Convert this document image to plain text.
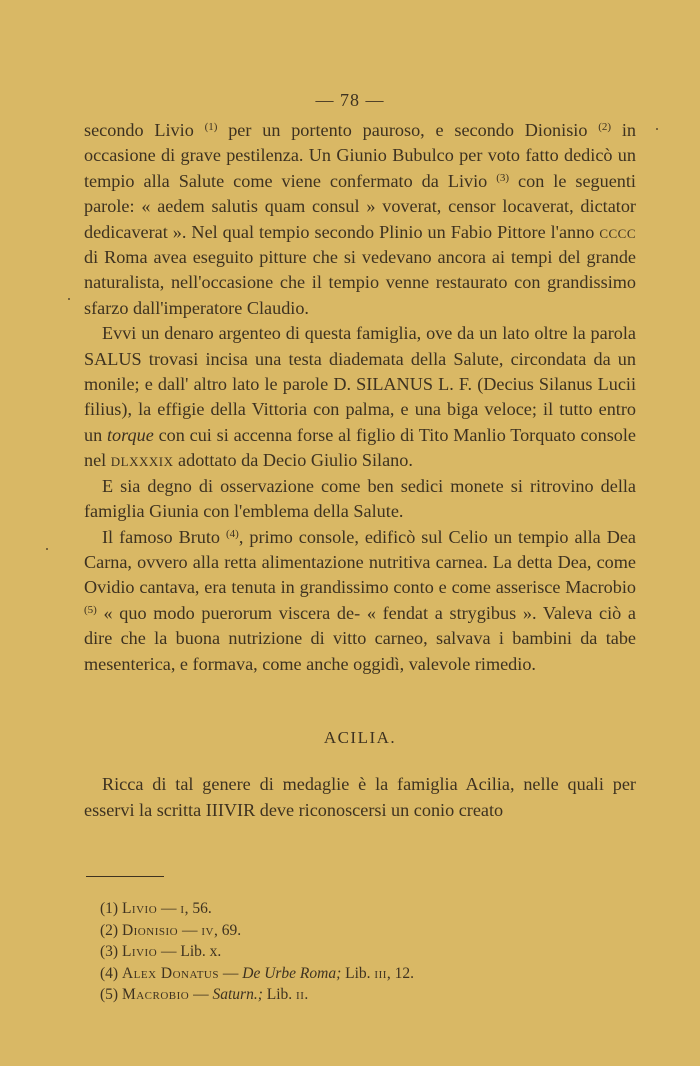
— 78 —

secondo Livio $^{(1)}$ per un portento pauroso, e secondo Dionisio $^{(2)}$ in occasione di grave pestilenza. Un Giunio Bubulco per voto fatto dedicò un tempio alla Salute come viene confermato da Livio $^{(3)}$ con le seguenti parole: « aedem salutis quam consul » voverat, censor locaverat, dictator dedicaverat ». Nel qual tempio secondo Plinio un Fabio Pittore l'anno cccc di Roma avea eseguito pitture che si vedevano ancora ai tempi del grande naturalista, nell'occasione che il tempio venne restaurato con grandissimo sfarzo dall'imperatore Claudio.

Evvi un denaro argenteo di questa famiglia, ove da un lato oltre la parola SALUS trovasi incisa una testa diademata della Salute, circondata da un monile; e dall' altro lato le parole D. SILANUS L. F. (Decius Silanus Lucii filius), la effigie della Vittoria con palma, e una biga veloce; il tutto entro un torque con cui si accenna forse al figlio di Tito Manlio Torquato console nel dlxxxix adottato da Decio Giulio Silano.

E sia degno di osservazione come ben sedici monete si ritrovino della famiglia Giunia con l'emblema della Salute.

Il famoso Bruto $^{(4)}$, primo console, edificò sul Celio un tempio alla Dea Carna, ovvero alla retta alimentazione nutritiva carnea. La detta Dea, come Ovidio cantava, era tenuta in grandissimo conto e come asserisce Macrobio $^{(5)}$ « quo modo puerorum viscera de- « fendat a strygibus ». Valeva ciò a dire che la buona nutrizione di vitto carneo, salvava i bambini da tabe mesenterica, e formava, come anche oggidì, valevole rimedio.

ACILIA.

Ricca di tal genere di medaglie è la famiglia Acilia, nelle quali per esservi la scritta IIIVIR deve riconoscersi un conio creato

(1) Livio — i, 56.
(2) Dionisio — iv, 69.
(3) Livio — Lib. x.
(4) Alex Donatus — De Urbe Roma; Lib. iii, 12.
(5) Macrobio — Saturn.; Lib. ii.
